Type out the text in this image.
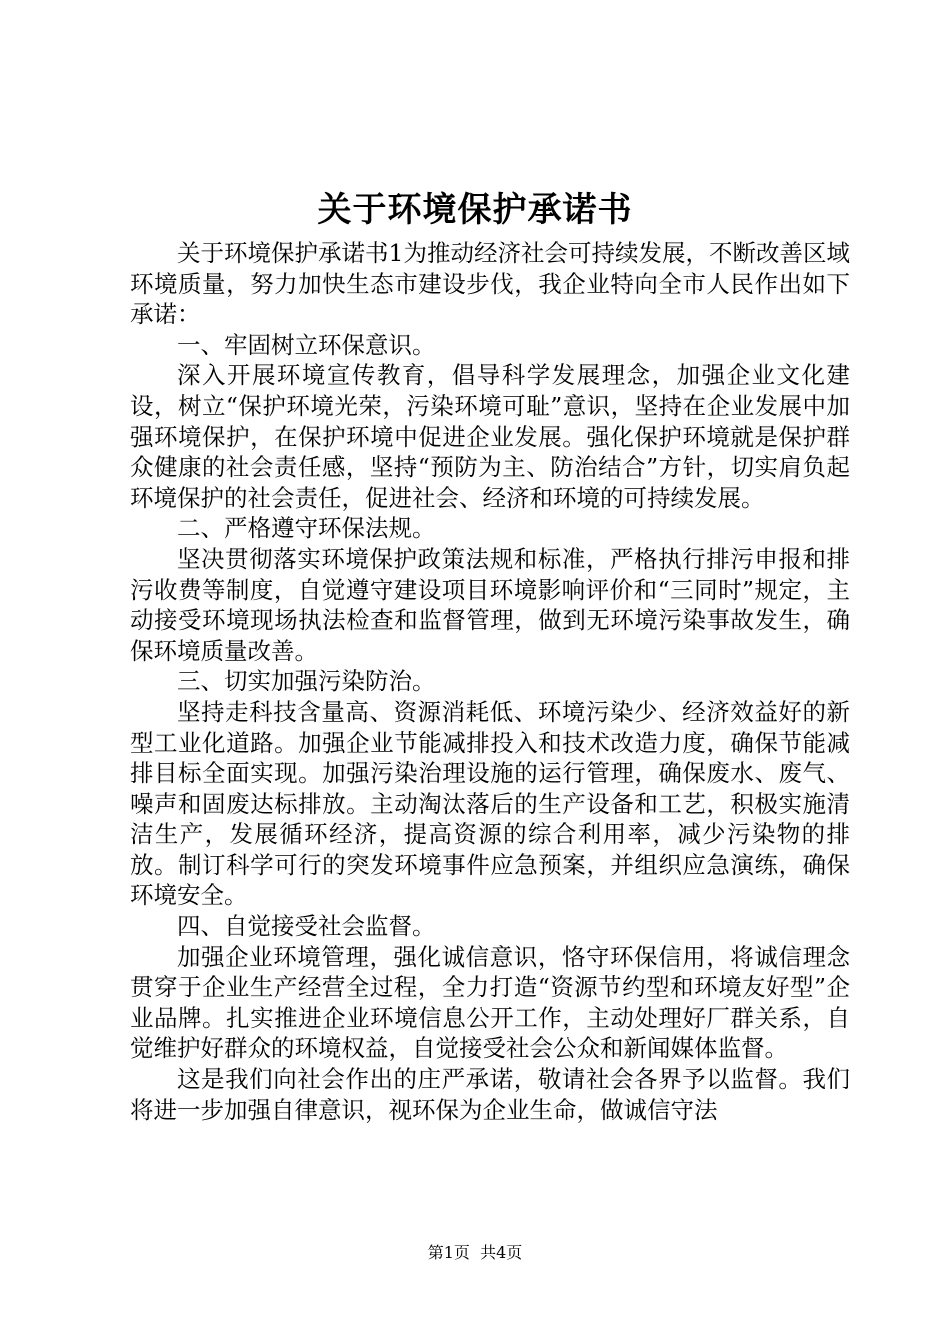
关于环境保护承诺书

关于环境保护承诺书1为推动经济社会可持续发展，不断改善区域环境质量，努力加快生态市建设步伐，我企业特向全市人民作出如下承诺：

一、牢固树立环保意识。

深入开展环境宣传教育，倡导科学发展理念，加强企业文化建设，树立“保护环境光荣，污染环境可耻”意识，坚持在企业发展中加强环境保护，在保护环境中促进企业发展。强化保护环境就是保护群众健康的社会责任感，坚持“预防为主、防治结合”方针，切实肩负起环境保护的社会责任，促进社会、经济和环境的可持续发展。

二、严格遵守环保法规。

坚决贯彻落实环境保护政策法规和标准，严格执行排污申报和排污收费等制度，自觉遵守建设项目环境影响评价和“三同时”规定，主动接受环境现场执法检查和监督管理，做到无环境污染事故发生，确保环境质量改善。

三、切实加强污染防治。

坚持走科技含量高、资源消耗低、环境污染少、经济效益好的新型工业化道路。加强企业节能减排投入和技术改造力度，确保节能减排目标全面实现。加强污染治理设施的运行管理，确保废水、废气、噪声和固废达标排放。主动淘汰落后的生产设备和工艺，积极实施清洁生产，发展循环经济，提高资源的综合利用率，减少污染物的排放。制订科学可行的突发环境事件应急预案，并组织应急演练，确保环境安全。

四、自觉接受社会监督。

加强企业环境管理，强化诚信意识，恪守环保信用，将诚信理念贯穿于企业生产经营全过程，全力打造“资源节约型和环境友好型”企业品牌。扎实推进企业环境信息公开工作，主动处理好厂群关系，自觉维护好群众的环境权益，自觉接受社会公众和新闻媒体监督。

这是我们向社会作出的庄严承诺，敬请社会各界予以监督。我们将进一步加强自律意识，视环保为企业生命，做诚信守法

第1页 共4页
